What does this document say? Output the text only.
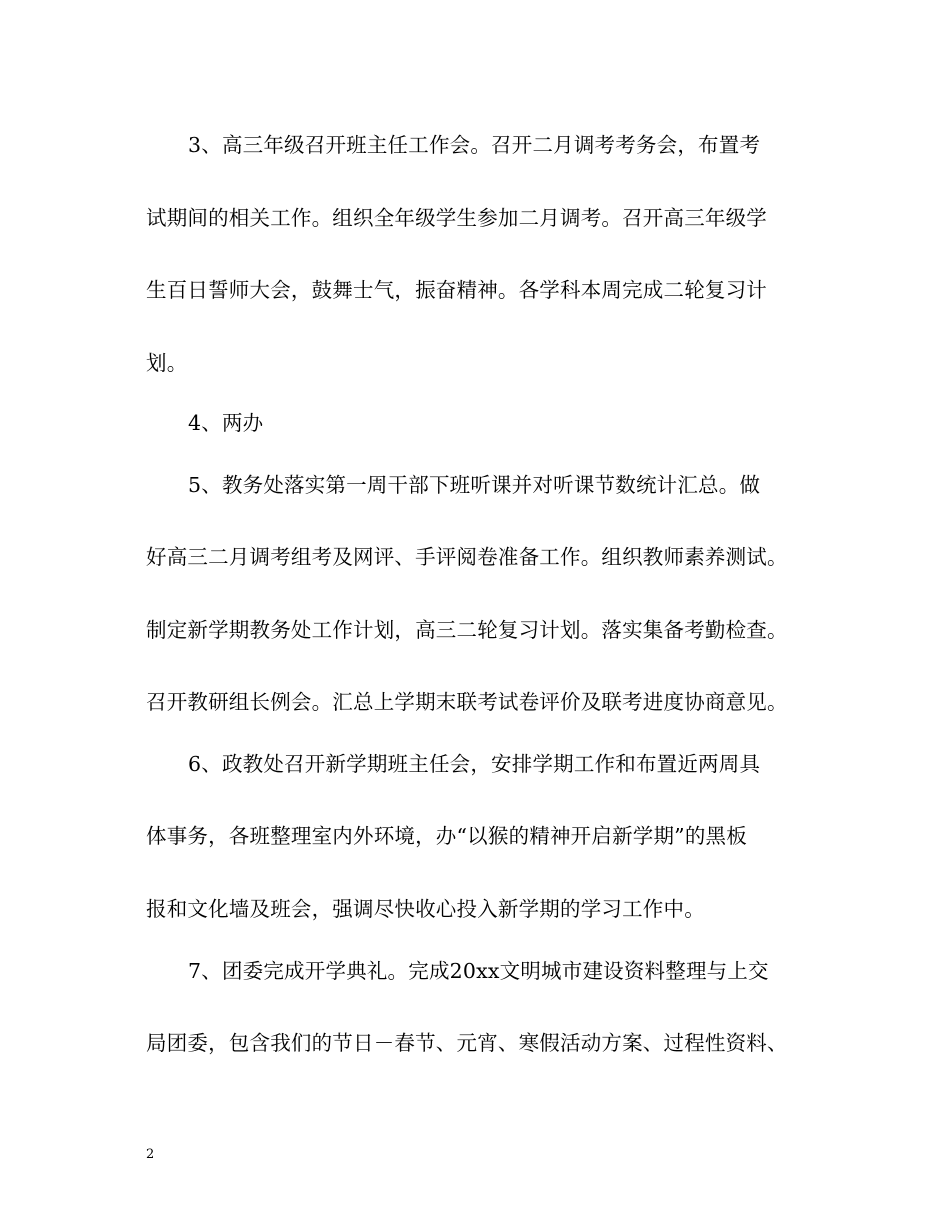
3、高三年级召开班主任工作会。召开二月调考考务会，布置考
试期间的相关工作。组织全年级学生参加二月调考。召开高三年级学
生百日誓师大会，鼓舞士气，振奋精神。各学科本周完成二轮复习计
划。
4、两办
5、教务处落实第一周干部下班听课并对听课节数统计汇总。做
好高三二月调考组考及网评、手评阅卷准备工作。组织教师素养测试。
制定新学期教务处工作计划，高三二轮复习计划。落实集备考勤检查。
召开教研组长例会。汇总上学期末联考试卷评价及联考进度协商意见。
6、政教处召开新学期班主任会，安排学期工作和布置近两周具
体事务，各班整理室内外环境，办“以猴的精神开启新学期”的黑板
报和文化墙及班会，强调尽快收心投入新学期的学习工作中。
7、团委完成开学典礼。完成20xx文明城市建设资料整理与上交
局团委，包含我们的节日－春节、元宵、寒假活动方案、过程性资料、
2
